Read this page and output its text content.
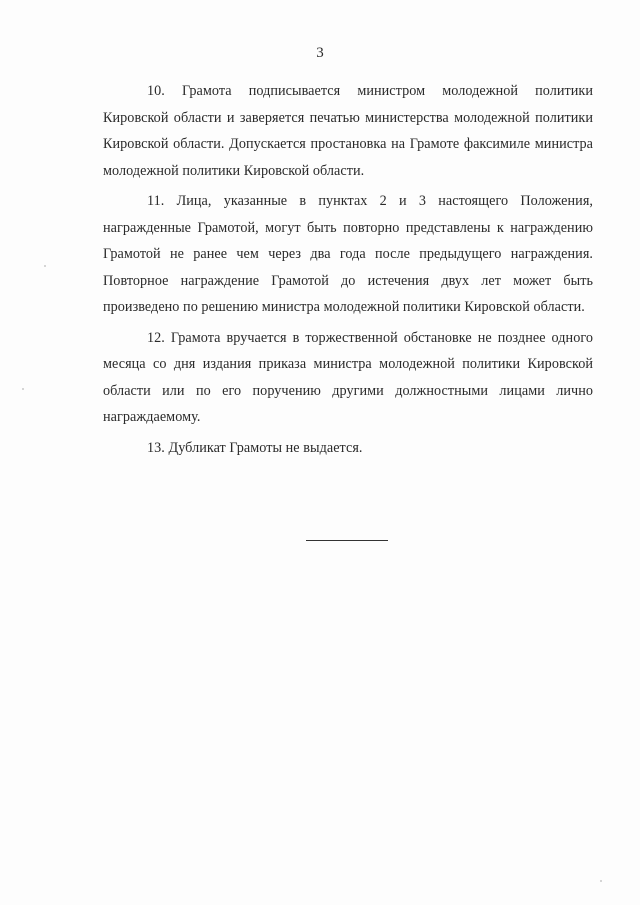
3

10. Грамота подписывается министром молодежной политики Кировской области и заверяется печатью министерства молодежной политики Кировской области. Допускается простановка на Грамоте факсимиле министра молодежной политики Кировской области.

11. Лица, указанные в пунктах 2 и 3 настоящего Положения, награжденные Грамотой, могут быть повторно представлены к награждению Грамотой не ранее чем через два года после предыдущего награждения. Повторное награждение Грамотой до истечения двух лет может быть произведено по решению министра молодежной политики Кировской области.

12. Грамота вручается в торжественной обстановке не позднее одного месяца со дня издания приказа министра молодежной политики Кировской области или по его поручению другими должностными лицами лично награждаемому.

13. Дубликат Грамоты не выдается.
